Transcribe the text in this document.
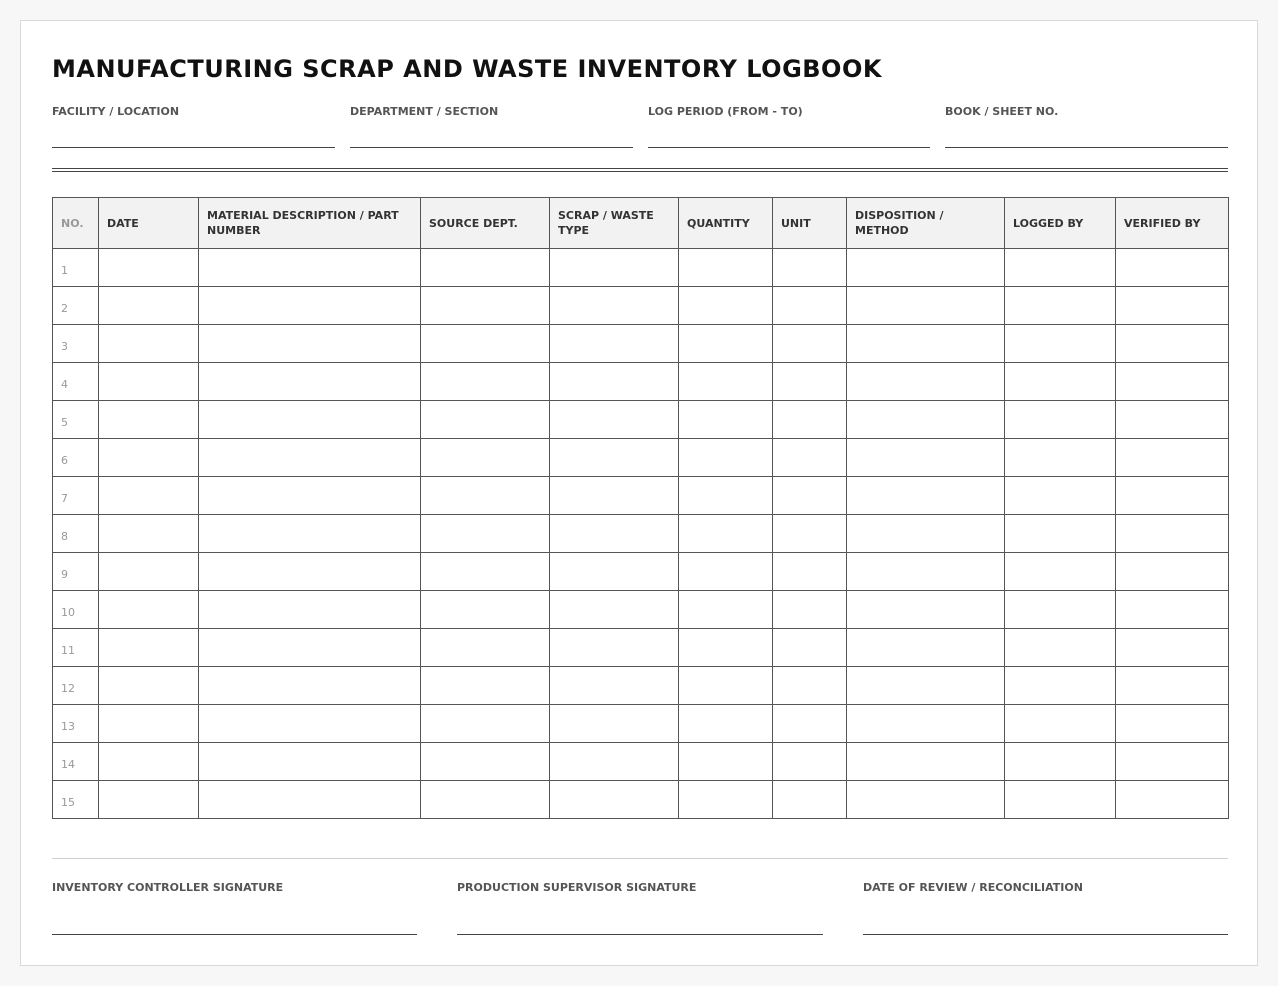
MANUFACTURING SCRAP AND WASTE INVENTORY LOGBOOK
FACILITY / LOCATION	DEPARTMENT / SECTION	LOG PERIOD (FROM - TO)	BOOK / SHEET NO.
NO.	DATE	MATERIAL DESCRIPTION / PART NUMBER	SOURCE DEPT.	SCRAP / WASTE TYPE	QUANTITY	UNIT	DISPOSITION / METHOD	LOGGED BY	VERIFIED BY
1									
2									
3									
4									
5									
6									
7									
8									
9									
10									
11									
12									
13									
14									
15									
INVENTORY CONTROLLER SIGNATURE	PRODUCTION SUPERVISOR SIGNATURE	DATE OF REVIEW / RECONCILIATION
